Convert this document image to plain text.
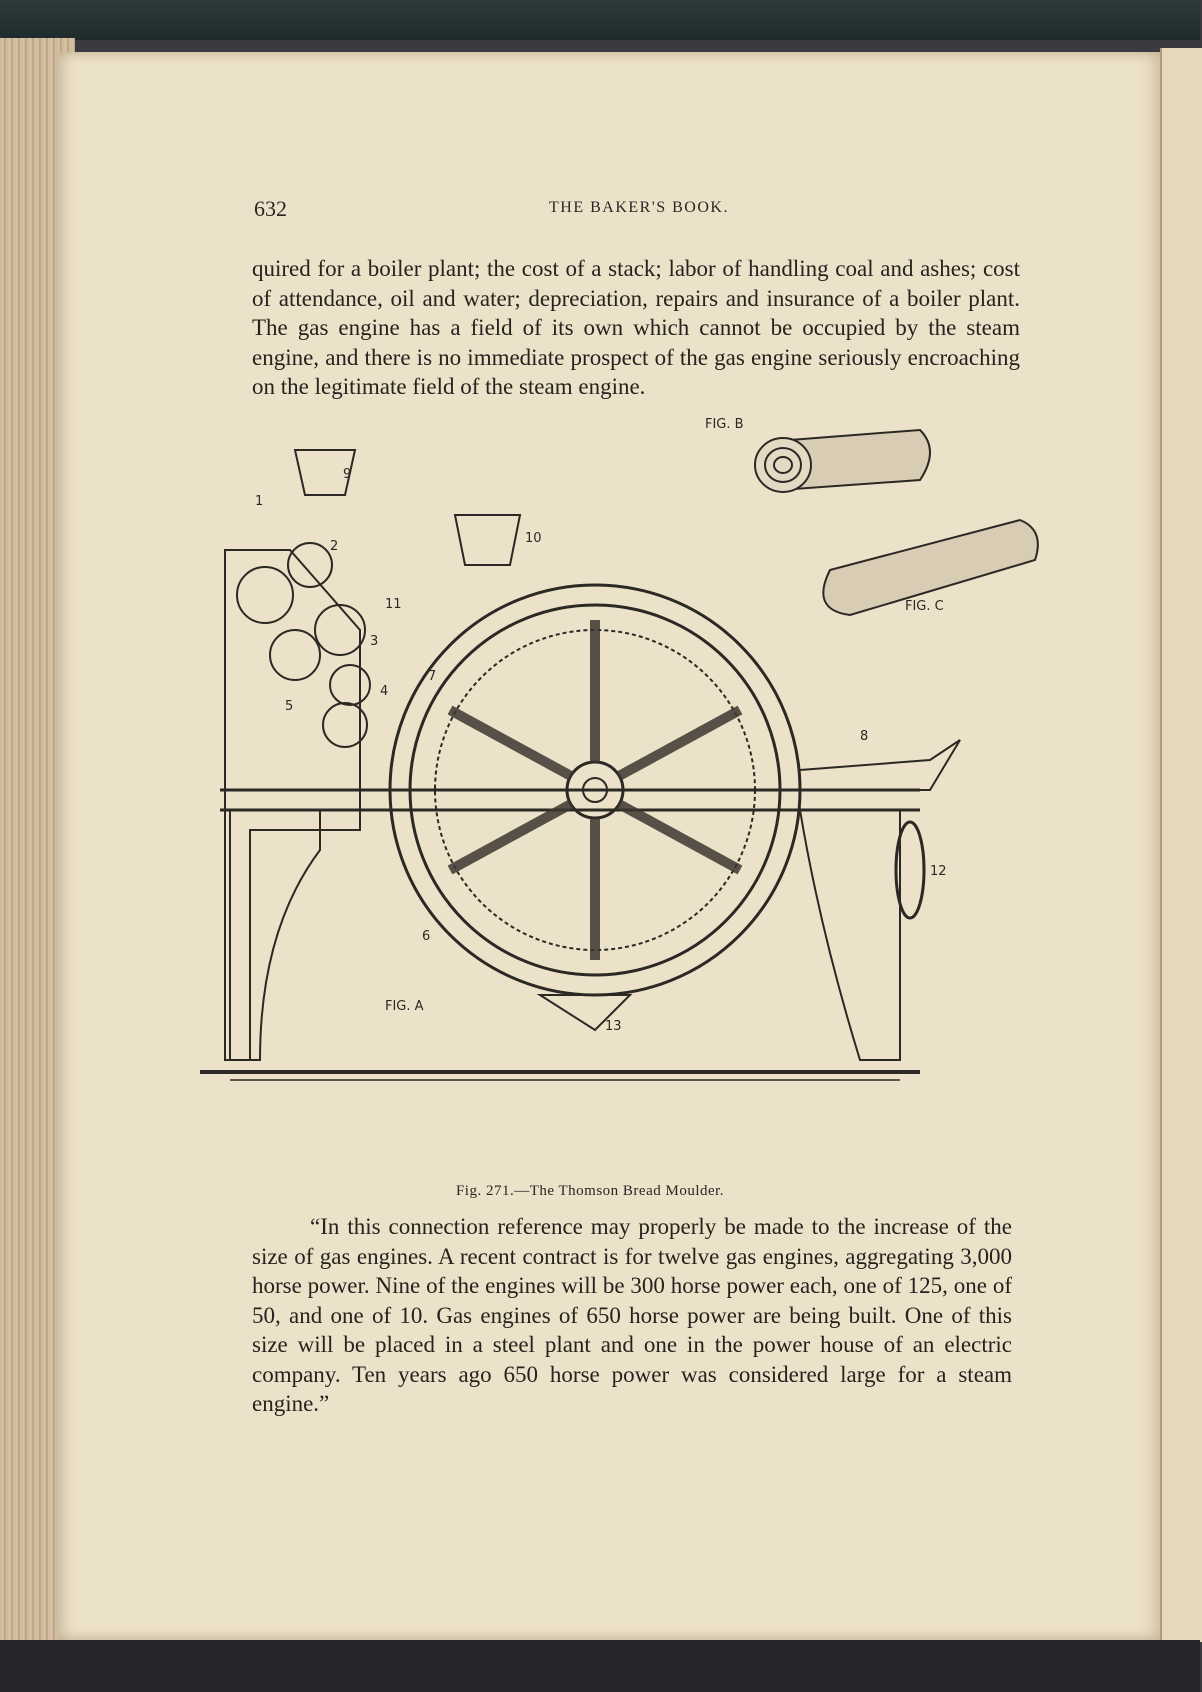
632	THE BAKER'S BOOK.

quired for a boiler plant; the cost of a stack; labor of handling coal and ashes; cost of attendance, oil and water; depreciation, repairs and insurance of a boiler plant. The gas engine has a field of its own which cannot be occupied by the steam engine, and there is no immediate prospect of the gas engine seriously encroaching on the legitimate field of the steam engine.

FIG. B
FIG. C
FIG. A
1
2
3
4
5
6
7
8
9
10
11
12
13
Fig. 271.—The Thomson Bread Moulder.

“In this connection reference may properly be made to the increase of the size of gas engines. A recent contract is for twelve gas engines, aggregating 3,000 horse power. Nine of the engines will be 300 horse power each, one of 125, one of 50, and one of 10. Gas engines of 650 horse power are being built. One of this size will be placed in a steel plant and one in the power house of an electric company. Ten years ago 650 horse power was considered large for a steam engine.”
